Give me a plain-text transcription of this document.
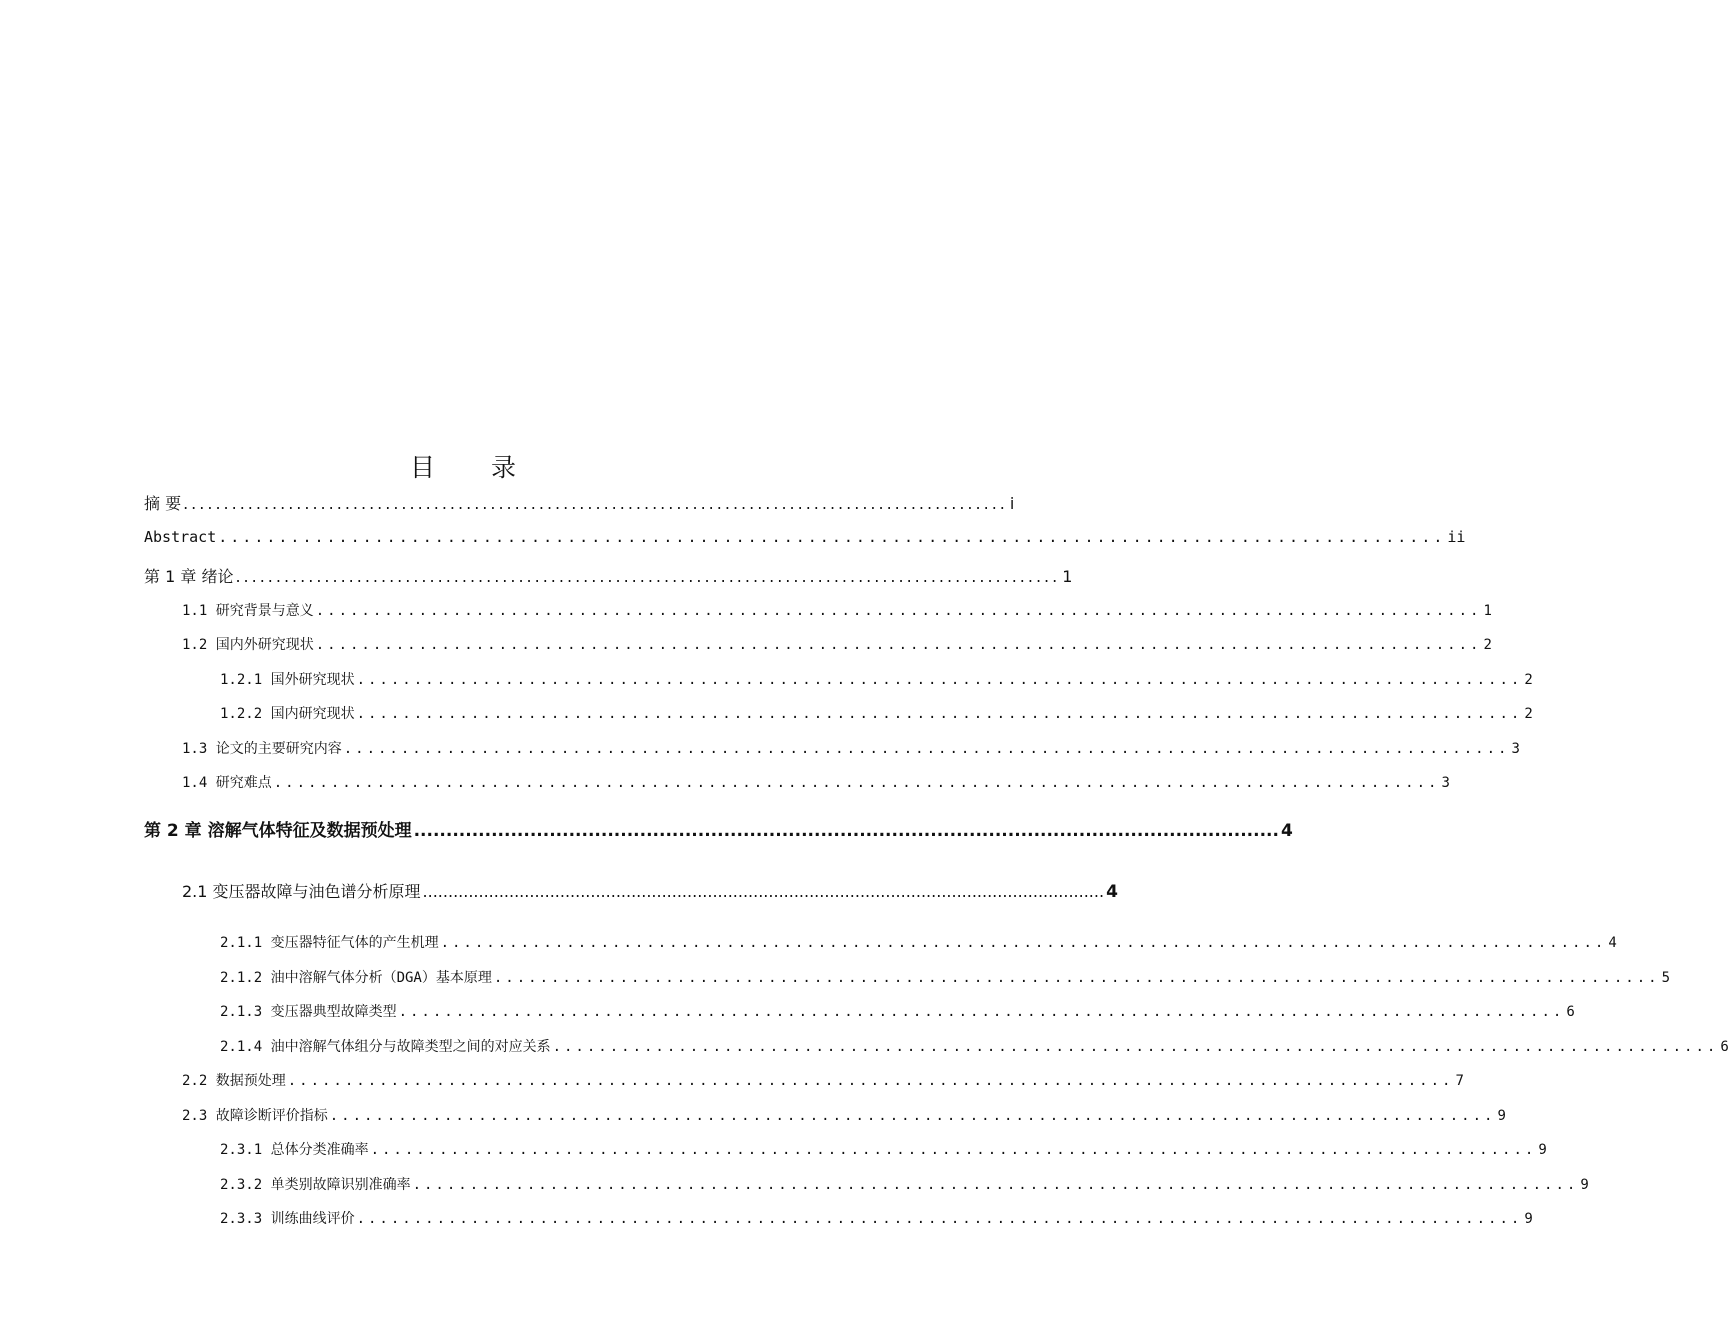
目 录
摘 要 ...................................................................................................... i
Abstract ...................................................................................................... ii
第 1 章 绪论 ...................................................................................................... 1
1.1 研究背景与意义 ...................................................................................................... 1
1.2 国内外研究现状 ...................................................................................................... 2
1.2.1 国外研究现状 ...................................................................................................... 2
1.2.2 国内研究现状 ...................................................................................................... 2
1.3 论文的主要研究内容 ...................................................................................................... 3
1.4 研究难点 ...................................................................................................... 3
第 2 章 溶解气体特征及数据预处理 ...................................................................................................................................... 4
2.1 变压器故障与油色谱分析原理 ...................................................................................................................................... 4
2.1.1 变压器特征气体的产生机理 ...................................................................................................... 4
2.1.2 油中溶解气体分析（DGA）基本原理 ...................................................................................................... 5
2.1.3 变压器典型故障类型 ...................................................................................................... 6
2.1.4 油中溶解气体组分与故障类型之间的对应关系 ...................................................................................................... 6
2.2 数据预处理 ...................................................................................................... 7
2.3 故障诊断评价指标 ...................................................................................................... 9
2.3.1 总体分类准确率 ...................................................................................................... 9
2.3.2 单类别故障识别准确率 ...................................................................................................... 9
2.3.3 训练曲线评价 ...................................................................................................... 9
